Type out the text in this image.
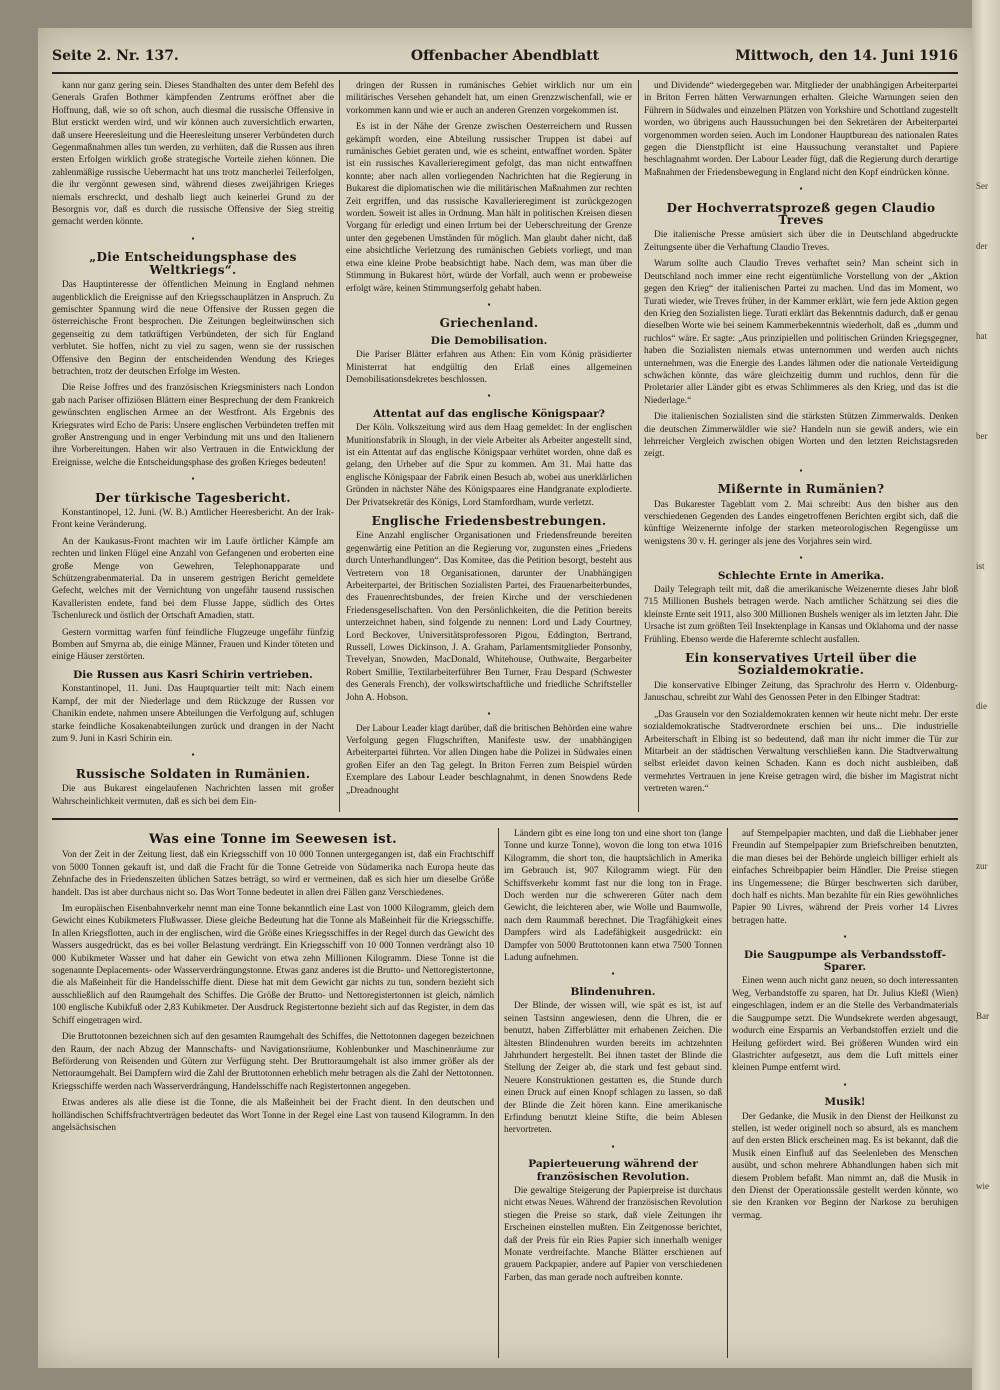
Seite 2. Nr. 137.	Offenbacher Abendblatt	Mittwoch, den 14. Juni 1916

kann nur ganz gering sein. Dieses Standhalten des unter dem Befehl des Generals Grafen Bothmer kämpfenden Zentrums eröffnet aber die Hoffnung, daß, wie so oft schon, auch diesmal die russische Offensive in Blut erstickt werden wird, und wir können auch zuversichtlich erwarten, daß unsere Heeresleitung und die Heeresleitung unserer Verbündeten durch Gegenmaßnahmen alles tun werden, zu verhüten, daß die Russen aus ihren ersten Erfolgen wirklich große strategische Vorteile ziehen können. Die zahlenmäßige russische Uebermacht hat uns trotz mancherlei Teilerfolgen, die ihr vergönnt gewesen sind, während dieses zweijährigen Krieges niemals erschreckt, und deshalb liegt auch keinerlei Grund zu der Besorgnis vor, daß es durch die russische Offensive der Sieg streitig gemacht werden könnte.

▪
„Die Entscheidungsphase des Weltkriegs“.

Das Hauptinteresse der öffentlichen Meinung in England nehmen augenblicklich die Ereignisse auf den Kriegsschauplätzen in Anspruch. Zu gemischter Spannung wird die neue Offensive der Russen gegen die österreichische Front besprochen. Die Zeitungen begleitwünschen sich gegenseitig zu dem tatkräftigen Verbündeten, der sich für England verblutet. Sie hoffen, nicht zu viel zu sagen, wenn sie der russischen Offensive den Beginn der entscheidenden Wendung des Krieges betrachten, trotz der deutschen Erfolge im Westen.

Die Reise Joffres und des französischen Kriegsministers nach London gab nach Pariser offiziösen Blättern einer Besprechung der dem Frankreich gewünschten englischen Armee an der Westfront. Als Ergebnis des Kriegsrates wird Echo de Paris: Unsere englischen Verbündeten treffen mit großer Anstrengung und in enger Verbindung mit uns und den Italienern ihre Vorbereitungen. Haben wir also Vertrauen in die Entwicklung der Ereignisse, welche die Entscheidungsphase des großen Krieges bedeuten!

▪
Der türkische Tagesbericht.

Konstantinopel, 12. Juni. (W. B.) Amtlicher Heeresbericht. An der Irak-Front keine Veränderung.

An der Kaukasus-Front machten wir im Laufe örtlicher Kämpfe am rechten und linken Flügel eine Anzahl von Gefangenen und eroberten eine große Menge von Gewehren, Telephonapparate und Schützengrabenmaterial. Da in unserem gestrigen Bericht gemeldete Gefecht, welches mit der Vernichtung von ungefähr tausend russischen Kavalleristen endete, fand bei dem Flusse Jappe, südlich des Ortes Tschenlureck und östlich der Ortschaft Amadien, statt.

Gestern vormittag warfen fünf feindliche Flugzeuge ungefähr fünfzig Bomben auf Smyrna ab, die einige Männer, Frauen und Kinder töteten und einige Häuser zerstörten.

Die Russen aus Kasri Schirin vertrieben.

Konstantinopel, 11. Juni. Das Hauptquartier teilt mit: Nach einem Kampf, der mit der Niederlage und dem Rückzuge der Russen vor Chanikin endete, nahmen unsere Abteilungen die Verfolgung auf, schlugen starke feindliche Kosakenabteilungen zurück und drangen in der Nacht zum 9. Juni in Kasri Schirin ein.

▪
Russische Soldaten in Rumänien.

Die aus Bukarest eingelaufenen Nachrichten lassen mit großer Wahrscheinlichkeit vermuten, daß es sich bei dem Ein-

dringen der Russen in rumänisches Gebiet wirklich nur um ein militärisches Versehen gehandelt hat, um einen Grenzzwischenfall, wie er vorkommen kann und wie er auch an anderen Grenzen vorgekommen ist.

Es ist in der Nähe der Grenze zwischen Oesterreichern und Russen gekämpft worden, eine Abteilung russischer Truppen ist dabei auf rumänisches Gebiet geraten und, wie es scheint, entwaffnet worden. Später ist ein russisches Kavallerieregiment gefolgt, das man nicht entwaffnen konnte; aber nach allen vorliegenden Nachrichten hat die Regierung in Bukarest die diplomatischen wie die militärischen Maßnahmen zur rechten Zeit ergriffen, und das russische Kavallerieregiment ist zurückgezogen worden. Soweit ist alles in Ordnung. Man hält in politischen Kreisen diesen Vorgang für erledigt und einen Irrtum bei der Ueberschreitung der Grenze unter den gegebenen Umständen für möglich. Man glaubt daher nicht, daß eine absichtliche Verletzung des rumänischen Gebiets vorliegt, und man etwa eine kleine Probe beabsichtigt habe. Nach dem, was man über die Stimmung in Bukarest hört, würde der Vorfall, auch wenn er probeweise erfolgt wäre, keinen Stimmungserfolg gehabt haben.

▪
Griechenland.
Die Demobilisation.

Die Pariser Blätter erfahren aus Athen: Ein vom König präsidierter Ministerrat hat endgültig den Erlaß eines allgemeinen Demobilisationsdekretes beschlossen.

▪
Attentat auf das englische Königspaar?

Der Köln. Volkszeitung wird aus dem Haag gemeldet: In der englischen Munitionsfabrik in Slough, in der viele Arbeiter als Arbeiter angestellt sind, ist ein Attentat auf das englische Königspaar verhütet worden, ohne daß es gelang, den Urheber auf die Spur zu kommen. Am 31. Mai hatte das englische Königspaar der Fabrik einen Besuch ab, wobei aus unerklärlichen Gründen in nächster Nähe des Königspaares eine Handgranate explodierte. Der Privatsekretär des Königs, Lord Stamfordham, wurde verletzt.

Englische Friedensbestrebungen.

Eine Anzahl englischer Organisationen und Friedensfreunde bereiten gegenwärtig eine Petition an die Regierung vor, zugunsten eines „Friedens durch Unterhandlungen“. Das Komitee, das die Petition besorgt, besteht aus Vertretern von 18 Organisationen, darunter der Unabhängigen Arbeiterpartei, der Britischen Sozialisten Partei, des Frauenarbeiterbundes, des Frauenrechtsbundes, der freien Kirche und der verschiedenen Friedensgesellschaften. Von den Persönlichkeiten, die die Petition bereits unterzeichnet haben, sind folgende zu nennen: Lord und Lady Courtney, Lord Beckover, Universitätsprofessoren Pigou, Eddington, Bertrand, Russell, Lowes Dickinson, J. A. Graham, Parlamentsmitglieder Ponsonby, Trevelyan, Snowden, MacDonald, Whitehouse, Outhwaite, Bergarbeiter Robert Smillie, Textilarbeiterführer Ben Turner, Frau Despard (Schwester des Generals French), der volkswirtschaftliche und friedliche Schriftsteller John A. Hobson.

▪

Der Labour Leader klagt darüber, daß die britischen Behörden eine wahre Verfolgung gegen Flugschriften, Manifeste usw. der unabhängigen Arbeiterpartei führten. Vor allen Dingen habe die Polizei in Südwales einen großen Eifer an den Tag gelegt. In Briton Ferren zum Beispiel würden Exemplare des Labour Leader beschlagnahmt, in denen Snowdens Rede „Dreadnought

und Dividende“ wiedergegeben war. Mitglieder der unabhängigen Arbeiterpartei in Briton Ferren hätten Verwarnungen erhalten. Gleiche Warnungen seien den Führern in Südwales und einzelnen Plätzen von Yorkshire und Schottland zugestellt worden, wo übrigens auch Haussuchungen bei den Sekretären der Arbeiterpartei vorgenommen worden seien. Auch im Londoner Hauptbureau des nationalen Rates gegen die Dienstpflicht ist eine Haussuchung veranstaltet und Papiere beschlagnahmt worden. Der Labour Leader fügt, daß die Regierung durch derartige Maßnahmen der Friedensbewegung in England nicht den Kopf eindrücken könne.

▪
Der Hochverratsprozeß gegen Claudio Treves

Die italienische Presse amüsiert sich über die in Deutschland abgedruckte Zeitungsente über die Verhaftung Claudio Treves.

Warum sollte auch Claudio Treves verhaftet sein? Man scheint sich in Deutschland noch immer eine recht eigentümliche Vorstellung von der „Aktion gegen den Krieg“ der italienischen Partei zu machen. Und das im Moment, wo Turati wieder, wie Treves früher, in der Kammer erklärt, wie fern jede Aktion gegen den Krieg den Sozialisten liege. Turati erklärt das Bekenntnis dadurch, daß er genau dieselben Worte wie bei seinem Kammerbekenntnis wiederholt, daß es „dumm und ruchlos“ wäre. Er sagte: „Aus prinzipiellen und politischen Gründen Kriegsgegner, haben die Sozialisten niemals etwas unternommen und werden auch nichts unternehmen, was die Energie des Landes lähmen oder die nationale Verteidigung schwächen könnte, das wäre gleichzeitig dumm und ruchlos, denn für die Proletarier aller Länder gibt es etwas Schlimmeres als den Krieg, und das ist die Niederlage.“

Die italienischen Sozialisten sind die stärksten Stützen Zimmerwalds. Denken die deutschen Zimmerwäldler wie sie? Handeln nun sie gewiß anders, wie ein lehrreicher Vergleich zwischen obigen Worten und den letzten Reichstagsreden zeigt.

▪
Mißernte in Rumänien?

Das Bukarester Tageblatt vom 2. Mai schreibt: Aus den bisher aus den verschiedenen Gegenden des Landes eingetroffenen Berichten ergibt sich, daß die künftige Weizenernte infolge der starken meteorologischen Regengüsse um wenigstens 30 v. H. geringer als jene des Vorjahres sein wird.

▪
Schlechte Ernte in Amerika.

Daily Telegraph teilt mit, daß die amerikanische Weizenernte dieses Jahr bloß 715 Millionen Bushels betragen werde. Nach amtlicher Schätzung sei dies die kleinste Ernte seit 1911, also 300 Millionen Bushels weniger als im letzten Jahr. Die Ursache ist zum größten Teil Insektenplage in Kansas und Oklahoma und der nasse Frühling. Ebenso werde die Haferernte schlecht ausfallen.

Ein konservatives Urteil über die Sozialdemokratie.

Die konservative Elbinger Zeitung, das Sprachrohr des Herrn v. Oldenburg-Januschau, schreibt zur Wahl des Genossen Peter in den Elbinger Stadtrat:

„Das Grauseln vor den Sozialdemokraten kennen wir heute nicht mehr. Der erste sozialdemokratische Stadtverordnete erschien bei uns... Die industrielle Arbeiterschaft in Elbing ist so bedeutend, daß man ihr nicht immer die Tür zur Mitarbeit an der städtischen Verwaltung verschließen kann. Die Stadtverwaltung selbst erleidet davon keinen Schaden. Kann es doch nicht ausbleiben, daß vermehrtes Vertrauen in jene Kreise getragen wird, die bisher im Magistrat nicht vertreten waren.“

Was eine Tonne im Seewesen ist.

Von der Zeit in der Zeitung liest, daß ein Kriegsschiff von 10 000 Tonnen untergegangen ist, daß ein Frachtschiff von 5000 Tonnen gekauft ist, und daß die Fracht für die Tonne Getreide von Südamerika nach Europa heute das Zehnfache des in Friedenszeiten üblichen Satzes beträgt, so wird er vermeinen, daß es sich hier um dieselbe Größe handelt. Das ist aber durchaus nicht so. Das Wort Tonne bedeutet in allen drei Fällen ganz Verschiedenes.

Im europäischen Eisenbahnverkehr nennt man eine Tonne bekanntlich eine Last von 1000 Kilogramm, gleich dem Gewicht eines Kubikmeters Flußwasser. Diese gleiche Bedeutung hat die Tonne als Maßeinheit für die Kriegsschiffe. In allen Kriegsflotten, auch in der englischen, wird die Größe eines Kriegsschiffes in der Regel durch das Gewicht des Wassers ausgedrückt, das es bei voller Belastung verdrängt. Ein Kriegsschiff von 10 000 Tonnen verdrängt also 10 000 Kubikmeter Wasser und hat daher ein Gewicht von etwa zehn Millionen Kilogramm. Diese Tonne ist die sogenannte Deplacements- oder Wasserverdrängungstonne. Etwas ganz anderes ist die Brutto- und Nettoregistertonne, die als Maßeinheit für die Handelsschiffe dient. Diese hat mit dem Gewicht gar nichts zu tun, sondern bezieht sich ausschließlich auf den Raumgehalt des Schiffes. Die Größe der Brutto- und Nettoregistertonnen ist gleich, nämlich 100 englische Kubikfuß oder 2,83 Kubikmeter. Der Ausdruck Registertonne bezieht sich auf das Register, in dem das Schiff eingetragen wird.

Die Bruttotonnen bezeichnen sich auf den gesamten Raumgehalt des Schiffes, die Nettotonnen dagegen bezeichnen den Raum, der nach Abzug der Mannschafts- und Navigationsräume, Kohlenbunker und Maschinenräume zur Beförderung von Reisenden und Gütern zur Verfügung steht. Der Bruttoraumgehalt ist also immer größer als der Nettoraumgehalt. Bei Dampfern wird die Zahl der Bruttotonnen erheblich mehr betragen als die Zahl der Nettotonnen. Kriegsschiffe werden nach Wasserverdrängung, Handelsschiffe nach Registertonnen angegeben.

Etwas anderes als alle diese ist die Tonne, die als Maßeinheit bei der Fracht dient. In den deutschen und holländischen Schiffsfrachtverträgen bedeutet das Wort Tonne in der Regel eine Last von tausend Kilogramm. In den angelsächsischen

Ländern gibt es eine long ton und eine short ton (lange Tonne und kurze Tonne), wovon die long ton etwa 1016 Kilogramm, die short ton, die hauptsächlich in Amerika im Gebrauch ist, 907 Kilogramm wiegt. Für den Schiffsverkehr kommt fast nur die long ton in Frage. Doch werden nur die schwereren Güter nach dem Gewicht, die leichteren aber, wie Wolle und Baumwolle, nach dem Raummaß berechnet. Die Tragfähigkeit eines Dampfers wird als Ladefähigkeit ausgedrückt: ein Dampfer von 5000 Bruttotonnen kann etwa 7500 Tonnen Ladung aufnehmen.

▪
Blindenuhren.

Der Blinde, der wissen will, wie spät es ist, ist auf seinen Tastsinn angewiesen, denn die Uhren, die er benutzt, haben Zifferblätter mit erhabenen Zeichen. Die ältesten Blindenuhren wurden bereits im achtzehnten Jahrhundert hergestellt. Bei ihnen tastet der Blinde die Stellung der Zeiger ab, die stark und fest gebaut sind. Neuere Konstruktionen gestatten es, die Stunde durch einen Druck auf einen Knopf schlagen zu lassen, so daß der Blinde die Zeit hören kann. Eine amerikanische Erfindung benutzt kleine Stifte, die beim Ablesen hervortreten.

▪
Papierteuerung während der französischen Revolution.

Die gewaltige Steigerung der Papierpreise ist durchaus nicht etwas Neues. Während der französischen Revolution stiegen die Preise so stark, daß viele Zeitungen ihr Erscheinen einstellen mußten. Ein Zeitgenosse berichtet, daß der Preis für ein Ries Papier sich innerhalb weniger Monate verdreifachte. Manche Blätter erschienen auf grauem Packpapier, andere auf Papier von verschiedenen Farben, das man gerade noch auftreiben konnte.

auf Stempelpapier machten, und daß die Liebhaber jener Freundin auf Stempelpapier zum Briefschreiben benutzten, die man dieses bei der Behörde ungleich billiger erhielt als einfaches Schreibpapier beim Händler. Die Preise stiegen ins Ungemessene; die Bürger beschwerten sich darüber, doch half es nichts. Man bezahlte für ein Ries gewöhnliches Papier 90 Livres, während der Preis vorher 14 Livres betragen hatte.

▪
Die Saugpumpe als Verbandsstoff-Sparer.

Einen wenn auch nicht ganz neuen, so doch interessanten Weg, Verbandstoffe zu sparen, hat Dr. Julius Kleßl (Wien) eingeschlagen, indem er an die Stelle des Verbandmaterials die Saugpumpe setzt. Die Wundsekrete werden abgesaugt, wodurch eine Ersparnis an Verbandstoffen erzielt und die Heilung gefördert wird. Bei größeren Wunden wird ein Glastrichter aufgesetzt, aus dem die Luft mittels einer kleinen Pumpe entfernt wird.

▪
Musik!

Der Gedanke, die Musik in den Dienst der Heilkunst zu stellen, ist weder originell noch so absurd, als es manchem auf den ersten Blick erscheinen mag. Es ist bekannt, daß die Musik einen Einfluß auf das Seelenleben des Menschen ausübt, und schon mehrere Abhandlungen haben sich mit diesem Problem befaßt. Man nimmt an, daß die Musik in den Dienst der Operationssäle gestellt werden könnte, wo sie den Kranken vor Beginn der Narkose zu beruhigen vermag.

Ser
der
hat
ber
ist
die
zur
Bar
wie
